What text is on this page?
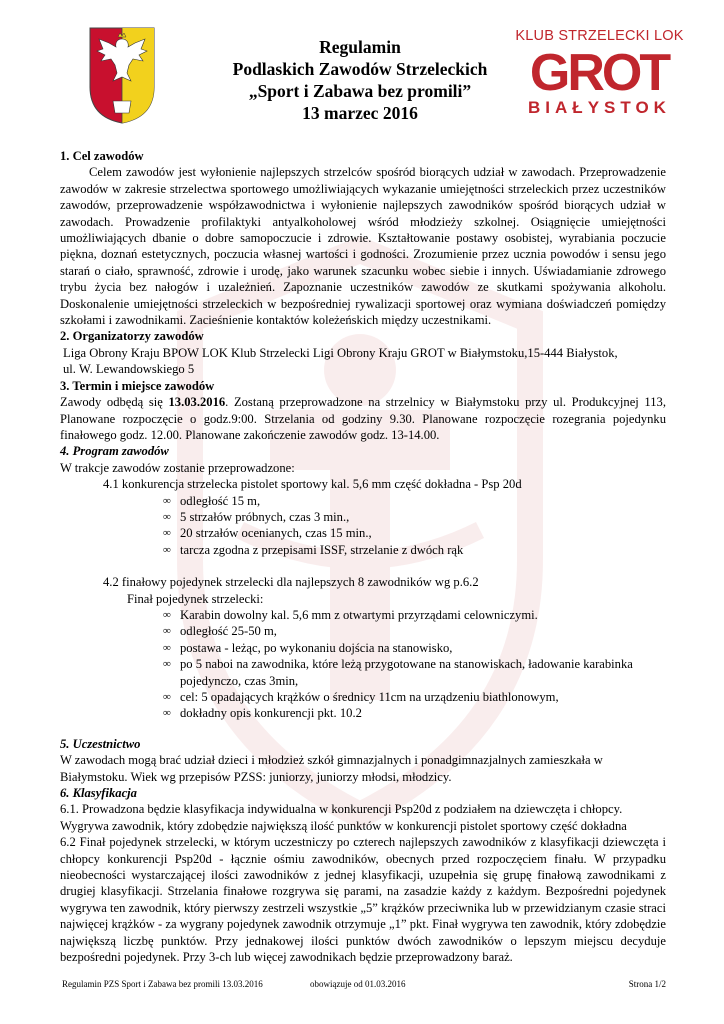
Regulamin
Podlaskich Zawodów Strzeleckich
„Sport i Zabawa bez promili”
13 marzec 2016
KLUB STRZELECKI LOK
GROT
BIAŁYSTOK

1. Cel zawodów

Celem zawodów jest wyłonienie najlepszych strzelców spośród biorących udział w zawodach. Przeprowadzenie zawodów w zakresie strzelectwa sportowego umożliwiających wykazanie umiejętności strzeleckich przez uczestników zawodów, przeprowadzenie współzawodnictwa i wyłonienie najlepszych zawodników spośród biorących udział w zawodach. Prowadzenie profilaktyki antyalkoholowej wśród młodzieży szkolnej. Osiągnięcie umiejętności umożliwiających dbanie o dobre samopoczucie i zdrowie. Kształtowanie postawy osobistej, wyrabiania poczucie piękna, doznań estetycznych, poczucia własnej wartości i godności. Zrozumienie przez ucznia powodów i sensu jego starań o ciało, sprawność, zdrowie i urodę, jako warunek szacunku wobec siebie i innych. Uświadamianie zdrowego trybu życia bez nałogów i uzależnień. Zapoznanie uczestników zawodów ze skutkami spożywania alkoholu. Doskonalenie umiejętności strzeleckich w bezpośredniej rywalizacji sportowej oraz wymiana doświadczeń pomiędzy szkołami i zawodnikami. Zacieśnienie kontaktów koleżeńskich między uczestnikami.

2. Organizatorzy zawodów

Liga Obrony Kraju BPOW LOK Klub Strzelecki Ligi Obrony Kraju GROT w Białymstoku,15-444 Białystok,

ul. W. Lewandowskiego 5

3. Termin i miejsce zawodów

Zawody odbędą się 13.03.2016. Zostaną przeprowadzone na strzelnicy w Białymstoku przy ul. Produkcyjnej 113, Planowane rozpoczęcie o godz.9:00. Strzelania od godziny 9.30. Planowane rozpoczęcie rozegrania pojedynku finałowego godz. 12.00. Planowane zakończenie zawodów godz. 13-14.00.

4. Program zawodów

W trakcje zawodów zostanie przeprowadzone:

4.1 konkurencja strzelecka pistolet sportowy kal. 5,6 mm część dokładna - Psp 20d

∞ odległość 15 m,
∞ 5 strzałów próbnych, czas 3 min.,
∞ 20 strzałów ocenianych, czas 15 min.,
∞ tarcza zgodna z przepisami ISSF, strzelanie z dwóch rąk

4.2 finałowy pojedynek strzelecki dla najlepszych 8 zawodników wg p.6.2

Finał pojedynek strzelecki:

∞ Karabin dowolny kal. 5,6 mm z otwartymi przyrządami celowniczymi.
∞ odległość 25-50 m,
∞ postawa - leżąc, po wykonaniu dojścia na stanowisko,
∞ po 5 naboi na zawodnika, które leżą przygotowane na stanowiskach, ładowanie karabinka pojedynczo, czas 3min,
∞ cel: 5 opadających krążków o średnicy 11cm na urządzeniu biathlonowym,
∞ dokładny opis konkurencji pkt. 10.2

5. Uczestnictwo

W zawodach mogą brać udział dzieci i młodzież szkół gimnazjalnych i ponadgimnazjalnych zamieszkała w Białymstoku. Wiek wg przepisów PZSS: juniorzy, juniorzy młodsi, młodzicy.

6. Klasyfikacja

6.1. Prowadzona będzie klasyfikacja indywidualna w konkurencji Psp20d z podziałem na dziewczęta i chłopcy. Wygrywa zawodnik, który zdobędzie największą ilość punktów w konkurencji pistolet sportowy część dokładna

6.2 Finał pojedynek strzelecki, w którym uczestniczy po czterech najlepszych zawodników z klasyfikacji dziewczęta i chłopcy konkurencji Psp20d - łącznie ośmiu zawodników, obecnych przed rozpoczęciem finału. W przypadku nieobecności wystarczającej ilości zawodników z jednej klasyfikacji, uzupełnia się grupę finałową zawodnikami z drugiej klasyfikacji. Strzelania finałowe rozgrywa się parami, na zasadzie każdy z każdym. Bezpośredni pojedynek wygrywa ten zawodnik, który pierwszy zestrzeli wszystkie „5” krążków przeciwnika lub w przewidzianym czasie straci najwięcej krążków - za wygrany pojedynek zawodnik otrzymuje „1” pkt. Finał wygrywa ten zawodnik, który zdobędzie największą liczbę punktów. Przy jednakowej ilości punktów dwóch zawodników o lepszym miejscu decyduje bezpośredni pojedynek. Przy 3-ch lub więcej zawodnikach będzie przeprowadzony baraż.

Regulamin PZS Sport i Zabawa bez promili 13.03.2016	obowiązuje od 01.03.2016	Strona 1/2
